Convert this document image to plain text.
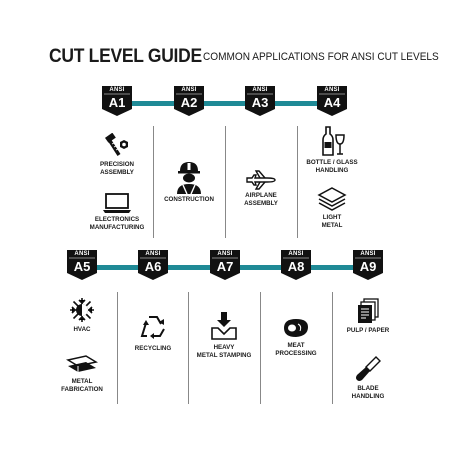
CUT LEVEL GUIDE COMMON APPLICATIONS FOR ANSI CUT LEVELS
ANSI
A1
ANSI
A2
ANSI
A3
ANSI
A4
PRECISION
ASSEMBLY
ELECTRONICS
MANUFACTURING
CONSTRUCTION
AIRPLANE
ASSEMBLY
BOTTLE / GLASS
HANDLING
LIGHT
METAL
ANSI
A5
ANSI
A6
ANSI
A7
ANSI
A8
ANSI
A9
HVAC
METAL
FABRICATION
RECYCLING	HEAVY
METAL STAMPING
MEAT
PROCESSING
PULP / PAPER
BLADE
HANDLING
